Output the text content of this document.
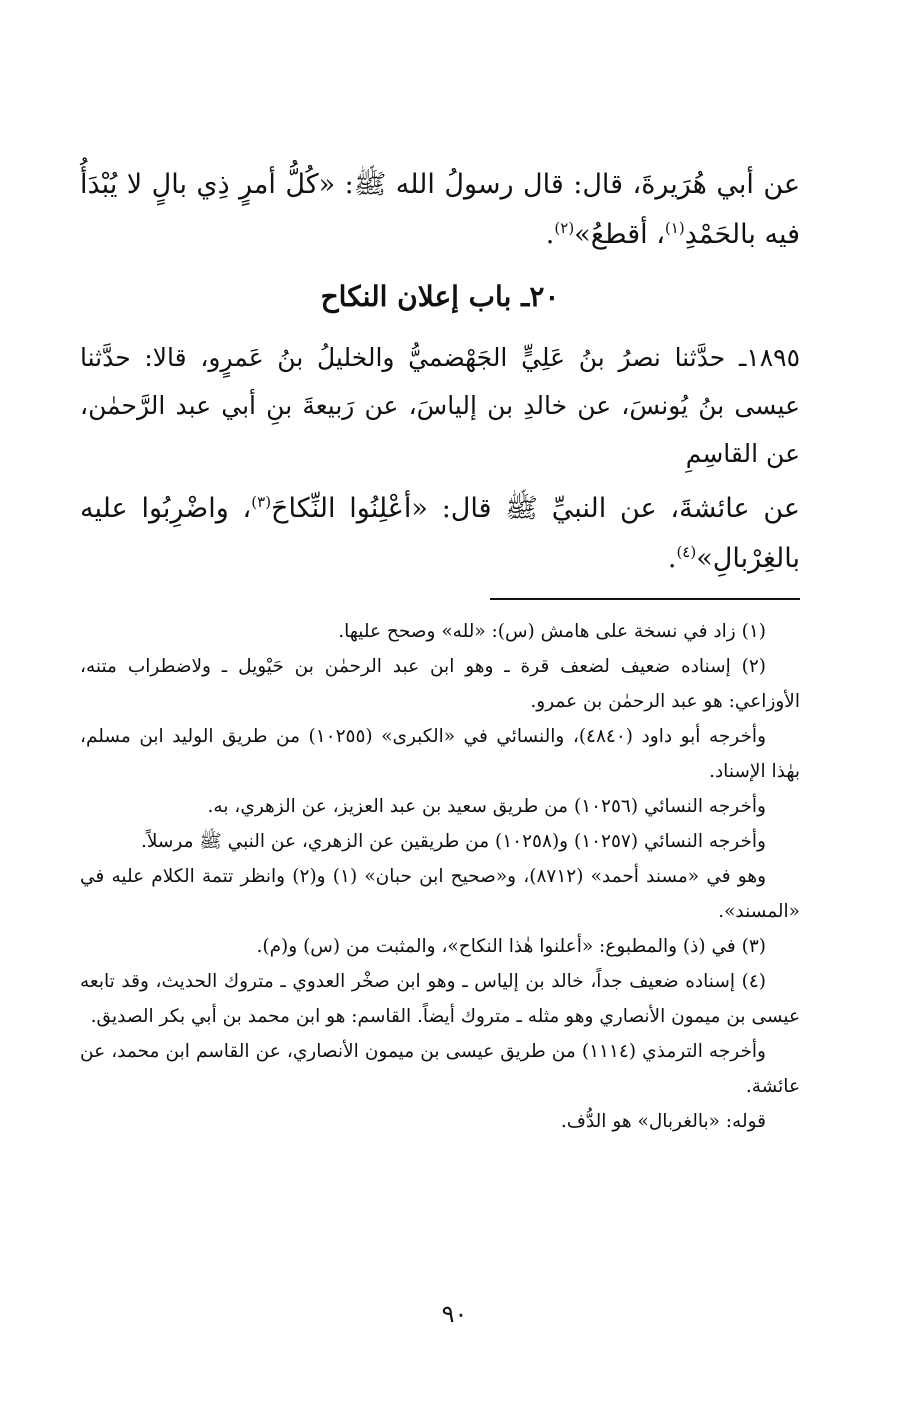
عن أبي هُرَيرةَ، قال: قال رسولُ الله ﷺ: «كُلُّ أمرٍ ذِي بالٍ لا يُبْدَأُ فيه بالحَمْدِ$^{(١)}$، أقطعُ»$^{(٢)}$.

٢٠ـ باب إعلان النكاح

١٨٩٥ـ حدَّثنا نصرُ بنُ عَلِيٍّ الجَهْضميُّ والخليلُ بنُ عَمرٍو، قالا: حدَّثنا عيسى بنُ يُونسَ، عن خالدِ بن إلياسَ، عن رَبيعةَ بنِ أبي عبد الرَّحمٰن، عن القاسِمِ

عن عائشةَ، عن النبيِّ ﷺ قال: «أعْلِنُوا النِّكاحَ$^{(٣)}$، واضْرِبُوا عليه بالغِرْبالِ»$^{(٤)}$.

(١) زاد في نسخة على هامش (س): «لله» وصحح عليها.

(٢) إسناده ضعيف لضعف قرة ـ وهو ابن عبد الرحمٰن بن حَيْويل ـ ولاضطراب متنه، الأوزاعي: هو عبد الرحمٰن بن عمرو.

وأخرجه أبو داود (٤٨٤٠)، والنسائي في «الكبرى» (١٠٢٥٥) من طريق الوليد ابن مسلم، بهٰذا الإسناد.

وأخرجه النسائي (١٠٢٥٦) من طريق سعيد بن عبد العزيز، عن الزهري، به.

وأخرجه النسائي (١٠٢٥٧) و(١٠٢٥٨) من طريقين عن الزهري، عن النبي ﷺ مرسلاً.

وهو في «مسند أحمد» (٨٧١٢)، و«صحيح ابن حبان» (١) و(٢) وانظر تتمة الكلام عليه في «المسند».

(٣) في (ذ) والمطبوع: «أعلنوا هٰذا النكاح»، والمثبت من (س) و(م).

(٤) إسناده ضعيف جداً، خالد بن إلياس ـ وهو ابن صخْر العدوي ـ متروك الحديث، وقد تابعه عيسى بن ميمون الأنصاري وهو مثله ـ متروك أيضاً. القاسم: هو ابن محمد بن أبي بكر الصديق.

وأخرجه الترمذي (١١١٤) من طريق عيسى بن ميمون الأنصاري، عن القاسم ابن محمد، عن عائشة.

قوله: «بالغربال» هو الدُّف.

٩٠
